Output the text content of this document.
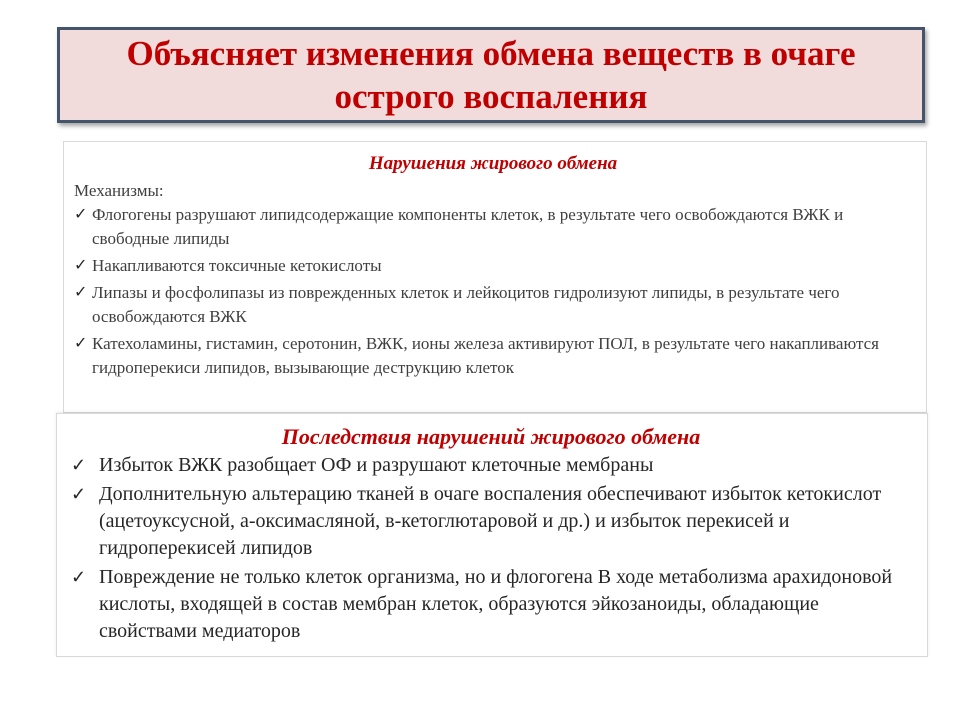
Объясняет изменения обмена веществ в очаге острого воспаления
Нарушения жирового обмена
Механизмы:
✓ Флогогены разрушают липидсодержащие компоненты клеток, в результате чего освобождаются ВЖК и свободные липиды
✓ Накапливаются токсичные кетокислоты
✓ Липазы и фосфолипазы из поврежденных клеток и лейкоцитов гидролизуют липиды, в результате чего освобождаются ВЖК
✓ Катехоламины, гистамин, серотонин, ВЖК, ионы железа активируют ПОЛ, в результате чего накапливаются гидроперекиси липидов, вызывающие деструкцию клеток
Последствия нарушений жирового обмена
✓ Избыток ВЖК разобщает ОФ и разрушают клеточные мембраны
✓ Дополнительную альтерацию тканей в очаге воспаления обеспечивают избыток кетокислот (ацетоуксусной, а-оксимасляной, в-кетоглютаровой и др.) и избыток перекисей и гидроперекисей липидов
✓ Повреждение не только клеток организма, но и флогогена В ходе метаболизма арахидоновой кислоты, входящей в состав мембран клеток, образуются эйкозаноиды, обладающие свойствами медиаторов
